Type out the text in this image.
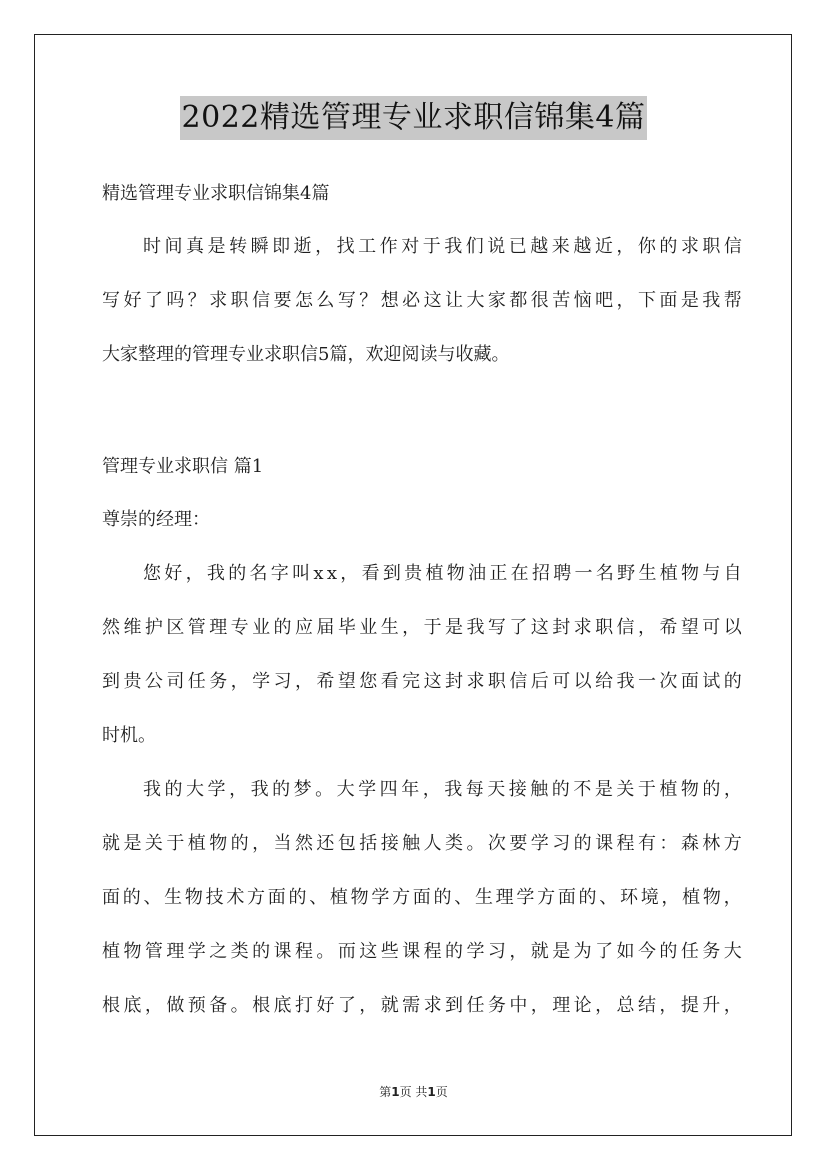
2022精选管理专业求职信锦集4篇
精选管理专业求职信锦集4篇
时 间 真 是 转 瞬 即 逝 ， 找 工 作 对 于 我 们 说 已 越 来 越 近 ， 你 的 求 职 信
写 好 了 吗 ？ 求 职 信 要 怎 么 写 ？ 想 必 这 让 大 家 都 很 苦 恼 吧 ， 下 面 是 我 帮
大家整理的管理专业求职信5篇，欢迎阅读与收藏。
管理专业求职信 篇1
尊崇的经理：
您 好 ， 我 的 名 字 叫 x x ， 看 到 贵 植 物 油 正 在 招 聘 一 名 野 生 植 物 与 自
然 维 护 区 管 理 专 业 的 应 届 毕 业 生 ， 于 是 我 写 了 这 封 求 职 信 ， 希 望 可 以
到 贵 公 司 任 务 ， 学 习 ， 希 望 您 看 完 这 封 求 职 信 后 可 以 给 我 一 次 面 试 的
时机。
我 的 大 学 ， 我 的 梦 。 大 学 四 年 ， 我 每 天 接 触 的 不 是 关 于 植 物 的 ，
就 是 关 于 植 物 的 ， 当 然 还 包 括 接 触 人 类 。 次 要 学 习 的 课 程 有 ： 森 林 方
面 的 、 生 物 技 术 方 面 的 、 植 物 学 方 面 的 、 生 理 学 方 面 的 、 环 境 ， 植 物 ，
植 物 管 理 学 之 类 的 课 程 。 而 这 些 课 程 的 学 习 ， 就 是 为 了 如 今 的 任 务 大
根 底 ， 做 预 备 。 根 底 打 好 了 ， 就 需 求 到 任 务 中 ， 理 论 ， 总 结 ， 提 升 ，
第1页 共1页
